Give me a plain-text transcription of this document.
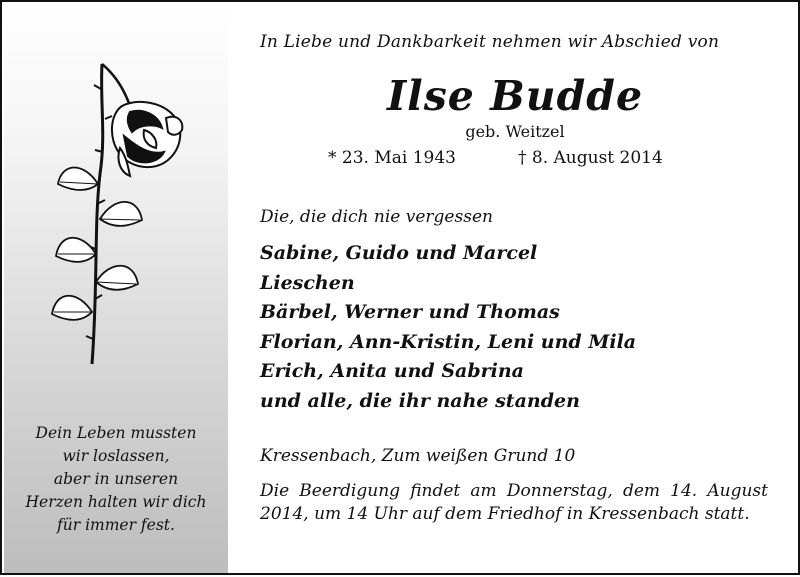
Dein Leben mussten
wir loslassen,
aber in unseren
Herzen halten wir dich
für immer fest.
In Liebe und Dankbarkeit nehmen wir Abschied von
Ilse Budde
geb. Weitzel
* 23. Mai 1943	† 8. August 2014
Die, die dich nie vergessen
Sabine, Guido und Marcel
Lieschen
Bärbel, Werner und Thomas
Florian, Ann-Kristin, Leni und Mila
Erich, Anita und Sabrina
und alle, die ihr nahe standen
Kressenbach, Zum weißen Grund 10
Die Beerdigung findet am Donnerstag, dem 14. August 2014, um 14 Uhr auf dem Friedhof in Kressenbach statt.
